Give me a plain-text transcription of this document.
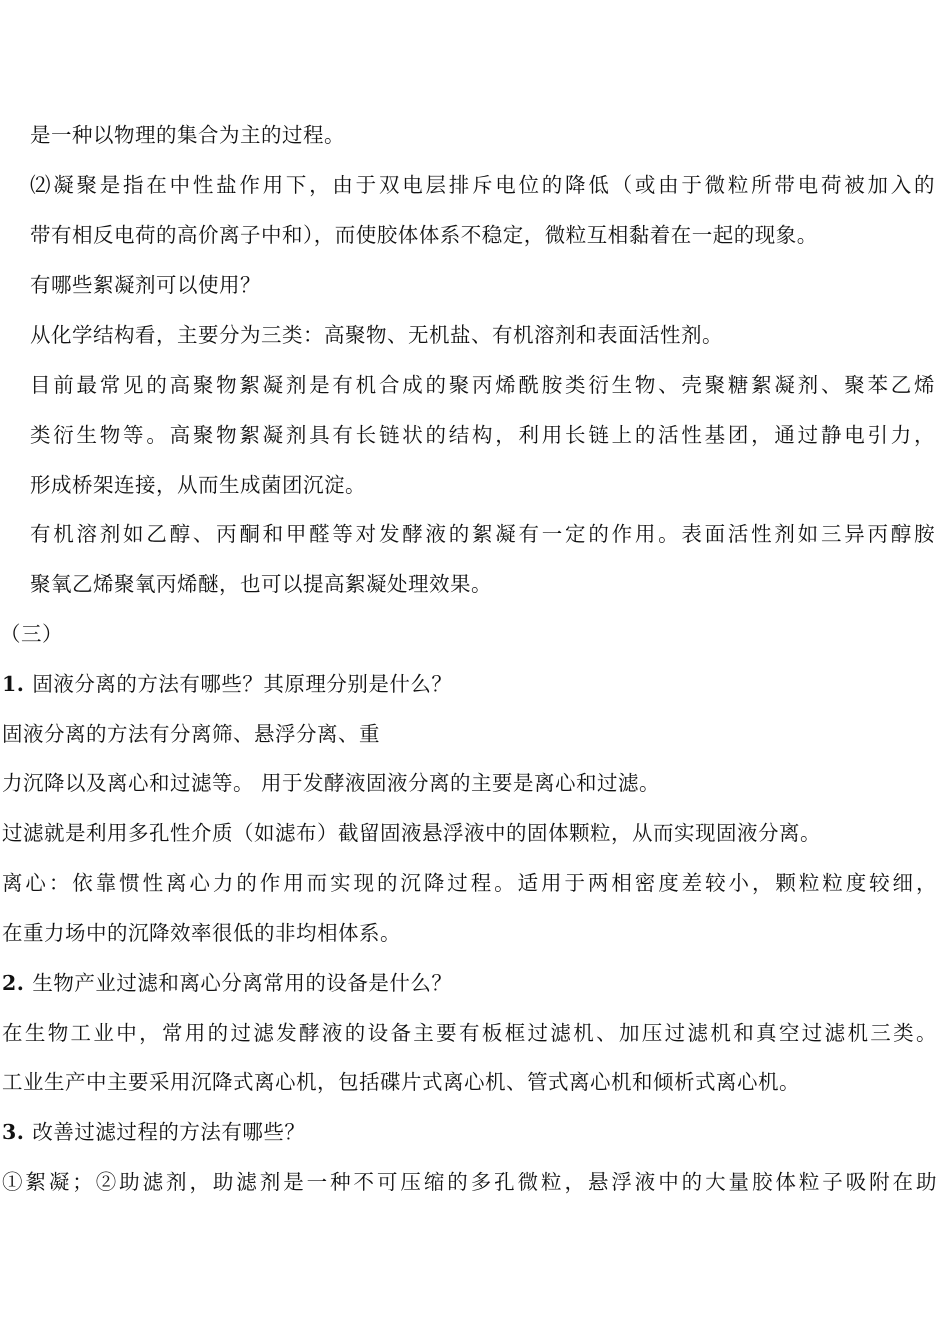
是一种以物理的集合为主的过程。
⑵凝聚是指在中性盐作用下，由于双电层排斥电位的降低（或由于微粒所带电荷被加入的
带有相反电荷的高价离子中和），而使胶体体系不稳定，微粒互相黏着在一起的现象。
有哪些絮凝剂可以使用？
从化学结构看，主要分为三类：高聚物、无机盐、有机溶剂和表面活性剂。
目前最常见的高聚物絮凝剂是有机合成的聚丙烯酰胺类衍生物、壳聚糖絮凝剂、聚苯乙烯
类衍生物等。高聚物絮凝剂具有长链状的结构，利用长链上的活性基团，通过静电引力，
形成桥架连接，从而生成菌团沉淀。
有机溶剂如乙醇、丙酮和甲醛等对发酵液的絮凝有一定的作用。表面活性剂如三异丙醇胺
聚氧乙烯聚氧丙烯醚，也可以提高絮凝处理效果。
（三）
1. 固液分离的方法有哪些？其原理分别是什么？
固液分离的方法有分离筛、悬浮分离、重
力沉降以及离心和过滤等。 用于发酵液固液分离的主要是离心和过滤。
过滤就是利用多孔性介质（如滤布）截留固液悬浮液中的固体颗粒，从而实现固液分离。
离心：依靠惯性离心力的作用而实现的沉降过程。适用于两相密度差较小，颗粒粒度较细，
在重力场中的沉降效率很低的非均相体系。
2. 生物产业过滤和离心分离常用的设备是什么？
在生物工业中，常用的过滤发酵液的设备主要有板框过滤机、加压过滤机和真空过滤机三类。
工业生产中主要采用沉降式离心机，包括碟片式离心机、管式离心机和倾析式离心机。
3. 改善过滤过程的方法有哪些？
①絮凝；②助滤剂，助滤剂是一种不可压缩的多孔微粒，悬浮液中的大量胶体粒子吸附在助
